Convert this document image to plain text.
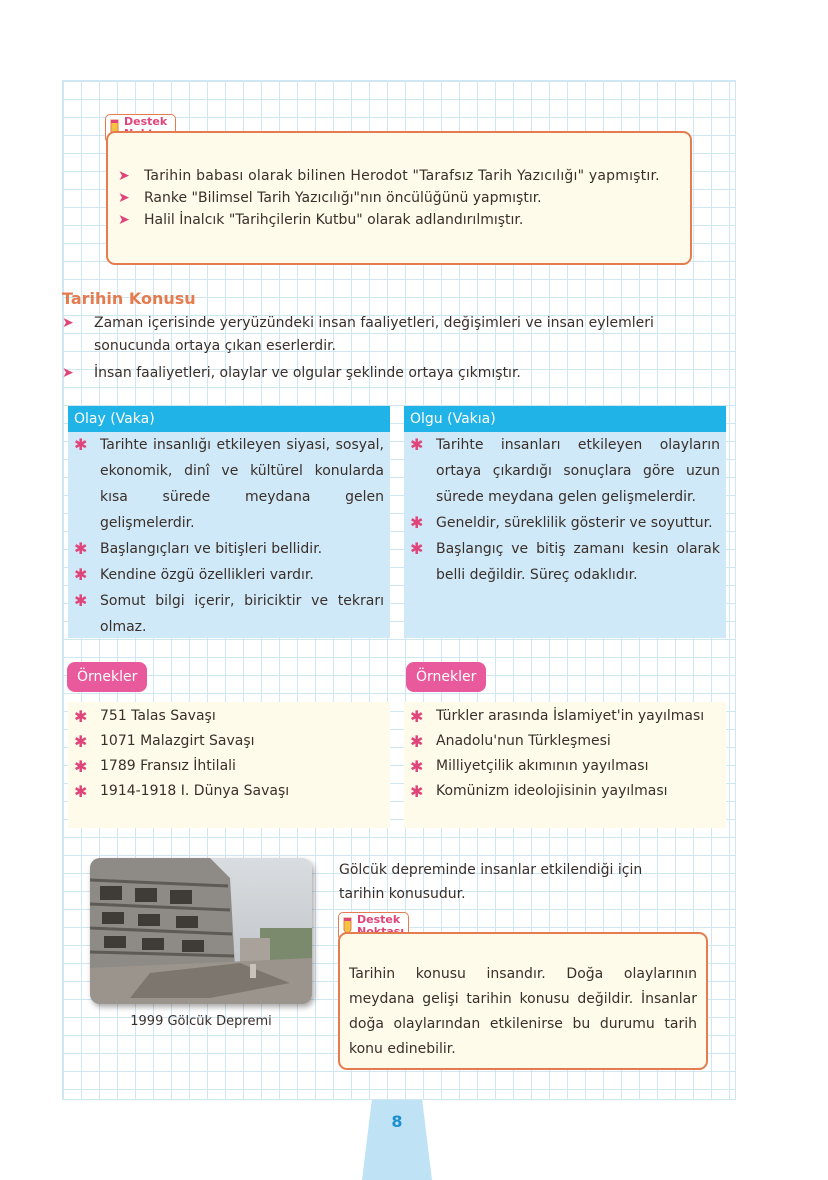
Destek
➤	Tarihin babası olarak bilinen Herodot "Tarafsız Tarih Yazıcılığı" yapmıştır.
➤	Ranke "Bilimsel Tarih Yazıcılığı"nın öncülüğünü yapmıştır.
➤	Halil İnalcık "Tarihçilerin Kutbu" olarak adlandırılmıştır.
Tarihin Konusu
➤	Zaman içerisinde yeryüzündeki insan faaliyetleri, değişimleri ve insan eylemleri sonucunda ortaya çıkan eserlerdir.
➤	İnsan faaliyetleri, olaylar ve olgular şeklinde ortaya çıkmıştır.
Olay (Vaka)
✱ Tarihte insanlığı etkileyen siyasi, sosyal, ekonomik, dinî ve kültürel konularda kısa sürede meydana gelen gelişmelerdir.
✱ Başlangıçları ve bitişleri bellidir.
✱ Kendine özgü özellikleri vardır.
✱ Somut bilgi içerir, biriciktir ve tekrarı olmaz.
Olgu (Vakıa)
✱ Tarihte insanları etkileyen olayların ortaya çıkardığı sonuçlara göre uzun sürede meydana gelen gelişmelerdir.
✱ Geneldir, süreklilik gösterir ve soyuttur.
✱ Başlangıç ve bitiş zamanı kesin olarak belli değildir. Süreç odaklıdır.
Örnekler
✱ 751 Talas Savaşı
✱ 1071 Malazgirt Savaşı
✱ 1789 Fransız İhtilali
✱ 1914-1918 I. Dünya Savaşı
Örnekler
✱ Türkler arasında İslamiyet'in yayılması
✱ Anadolu'nun Türkleşmesi
✱ Milliyetçilik akımının yayılması
✱ Komünizm ideolojisinin yayılması
1999 Gölcük Depremi
Gölcük depreminde insanlar etkilendiği için tarihin konusudur.
Destek
Tarihin konusu insandır. Doğa olaylarının meydana gelişi tarihin konusu değildir. İnsanlar doğa olaylarından etkilenirse bu durumu tarih konu edinebilir.
8
